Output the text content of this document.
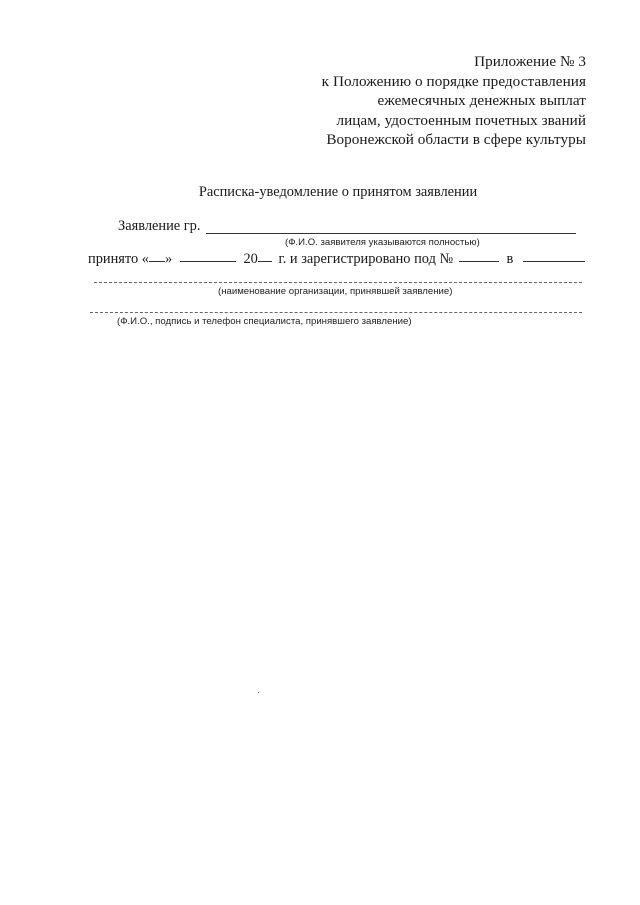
Приложение № 3
к Положению о порядке предоставления
ежемесячных денежных выплат
лицам, удостоенным почетных званий
Воронежской области в сфере культуры
Расписка-уведомление о принятом заявлении
Заявление гр.
(Ф.И.О. заявителя указываются полностью)
принято « »	20 г. и зарегистрировано под №	в
(наименование организации, принявшей заявление)
(Ф.И.О., подпись и телефон специалиста, принявшего заявление)
